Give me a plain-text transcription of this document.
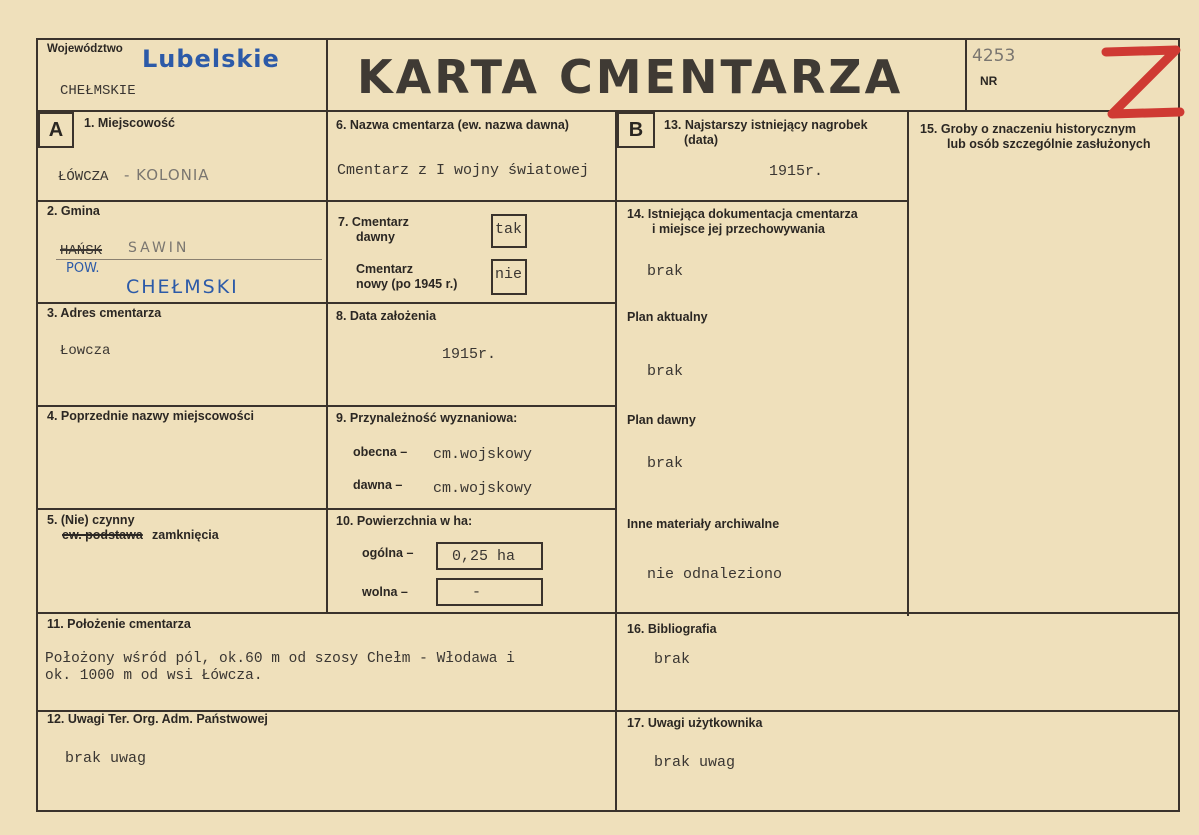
Województwo Lubelskie
CHEŁMSKIE	KARTA CMENTARZA	4253
NR
A	B
1. Miejscowość
ŁÓWCZA - KOLONIA
2. Gmina
HAŃSK SAWIN
POW.
CHEŁMSKI
3. Adres cmentarza
Łowcza
4. Poprzednie nazwy miejscowości
5. (Nie) czynny
ew. podstawa zamknięcia
6. Nazwa cmentarza (ew. nazwa dawna)
Cmentarz z I wojny światowej
7. Cmentarz
dawny	tak
Cmentarz
nowy (po 1945 r.)
nie
8. Data założenia
1915r.
9. Przynależność wyznaniowa:
obecna – cm.wojskowy
dawna – cm.wojskowy
10. Powierzchnia w ha:
ogólna –	0,25 ha
wolna –	-
13. Najstarszy istniejący nagrobek
(data)
1915r.
14. Istniejąca dokumentacja cmentarza
i miejsce jej przechowywania
brak
Plan aktualny
brak
Plan dawny
brak
Inne materiały archiwalne
nie odnaleziono
15. Groby o znaczeniu historycznym
lub osób szczególnie zasłużonych
11. Położenie cmentarza
Położony wśród pól, ok.60 m od szosy Chełm - Włodawa i
ok. 1000 m od wsi Łówcza.
16. Bibliografia
brak
12. Uwagi Ter. Org. Adm. Państwowej
brak uwag
17. Uwagi użytkownika
brak uwag
